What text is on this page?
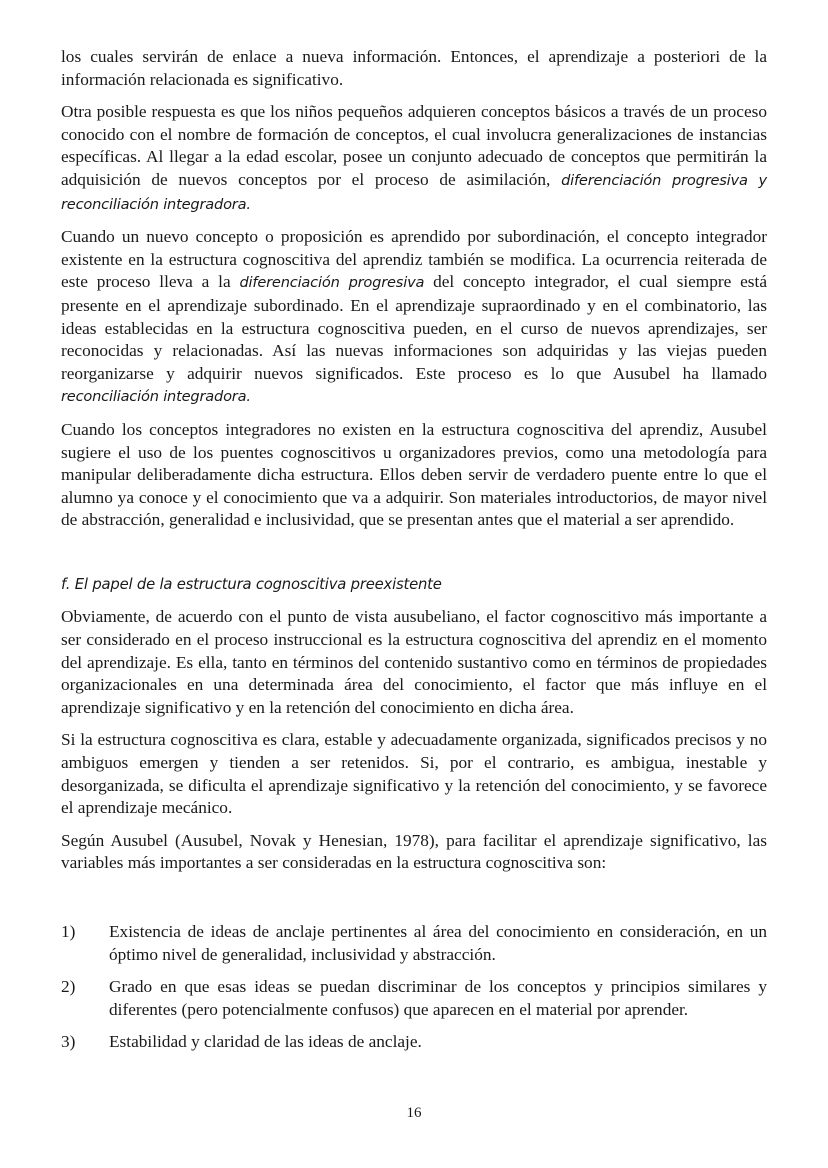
los cuales servirán de enlace a nueva información. Entonces, el aprendizaje a posteriori de la información relacionada es significativo.

Otra posible respuesta es que los niños pequeños adquieren conceptos básicos a través de un proceso conocido con el nombre de formación de conceptos, el cual involucra generalizaciones de instancias específicas. Al llegar a la edad escolar, posee un conjunto adecuado de conceptos que permitirán la adquisición de nuevos conceptos por el proceso de asimilación, diferenciación progresiva y reconciliación integradora.

Cuando un nuevo concepto o proposición es aprendido por subordinación, el concepto integrador existente en la estructura cognoscitiva del aprendiz también se modifica. La ocurrencia reiterada de este proceso lleva a la diferenciación progresiva del concepto integrador, el cual siempre está presente en el aprendizaje subordinado. En el aprendizaje supraordinado y en el combinatorio, las ideas establecidas en la estructura cognoscitiva pueden, en el curso de nuevos aprendizajes, ser reconocidas y relacionadas. Así las nuevas informaciones son adquiridas y las viejas pueden reorganizarse y adquirir nuevos significados. Este proceso es lo que Ausubel ha llamado reconciliación integradora.

Cuando los conceptos integradores no existen en la estructura cognoscitiva del aprendiz, Ausubel sugiere el uso de los puentes cognoscitivos u organizadores previos, como una metodología para manipular deliberadamente dicha estructura. Ellos deben servir de verdadero puente entre lo que el alumno ya conoce y el conocimiento que va a adquirir. Son materiales introductorios, de mayor nivel de abstracción, generalidad e inclusividad, que se presentan antes que el material a ser aprendido.

f. El papel de la estructura cognoscitiva preexistente

Obviamente, de acuerdo con el punto de vista ausubeliano, el factor cognoscitivo más importante a ser considerado en el proceso instruccional es la estructura cognoscitiva del aprendiz en el momento del aprendizaje. Es ella, tanto en términos del contenido sustantivo como en términos de propiedades organizacionales en una determinada área del conocimiento, el factor que más influye en el aprendizaje significativo y en la retención del conocimiento en dicha área.

Si la estructura cognoscitiva es clara, estable y adecuadamente organizada, significados precisos y no ambiguos emergen y tienden a ser retenidos. Si, por el contrario, es ambigua, inestable y desorganizada, se dificulta el aprendizaje significativo y la retención del conocimiento, y se favorece el aprendizaje mecánico.

Según Ausubel (Ausubel, Novak y Henesian, 1978), para facilitar el aprendizaje significativo, las variables más importantes a ser consideradas en la estructura cognoscitiva son:

1)	Existencia de ideas de anclaje pertinentes al área del conocimiento en consideración, en un óptimo nivel de generalidad, inclusividad y abstracción.
2)	Grado en que esas ideas se puedan discriminar de los conceptos y principios similares y diferentes (pero potencialmente confusos) que aparecen en el material por aprender.
3)	Estabilidad y claridad de las ideas de anclaje.
16
